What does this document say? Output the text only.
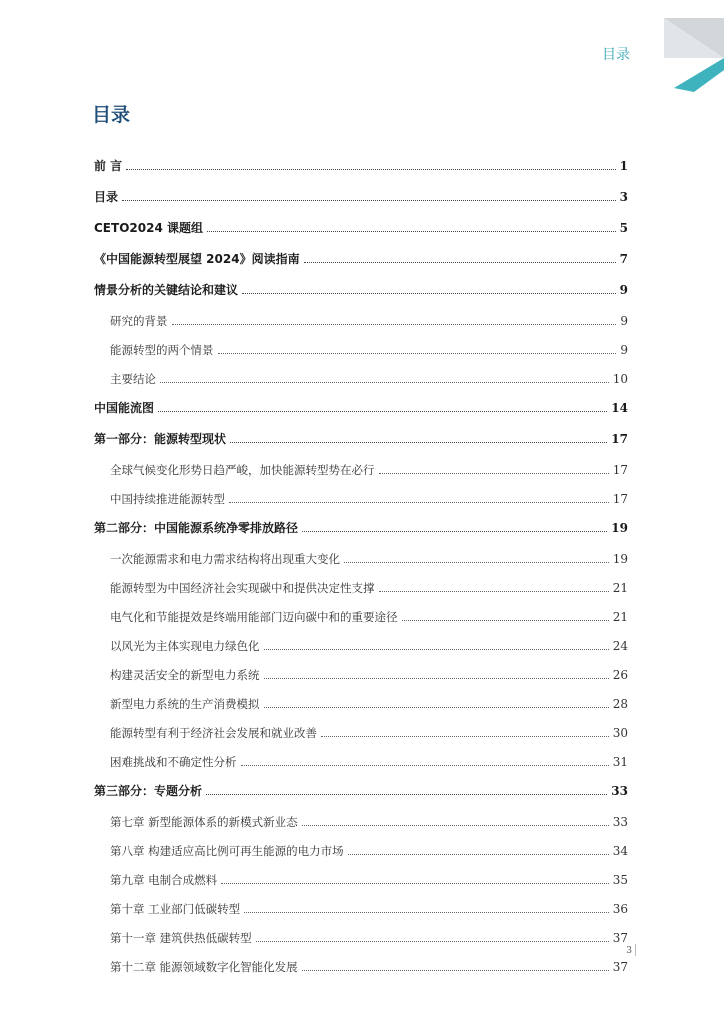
目录
目录
前 言	1
目录	3
CETO2024 课题组	5
《中国能源转型展望 2024》阅读指南	7
情景分析的关键结论和建议	9
研究的背景	9
能源转型的两个情景	9
主要结论	10
中国能流图	14
第一部分：能源转型现状	17
全球气候变化形势日趋严峻，加快能源转型势在必行	17
中国持续推进能源转型	17
第二部分：中国能源系统净零排放路径	19
一次能源需求和电力需求结构将出现重大变化	19
能源转型为中国经济社会实现碳中和提供决定性支撑	21
电气化和节能提效是终端用能部门迈向碳中和的重要途径	21
以风光为主体实现电力绿色化	24
构建灵活安全的新型电力系统	26
新型电力系统的生产消费模拟	28
能源转型有利于经济社会发展和就业改善	30
困难挑战和不确定性分析	31
第三部分：专题分析	33
第七章 新型能源体系的新模式新业态	33
第八章 构建适应高比例可再生能源的电力市场	34
第九章 电制合成燃料	35
第十章 工业部门低碳转型	36
第十一章 建筑供热低碳转型	37
第十二章 能源领域数字化智能化发展	37
3
